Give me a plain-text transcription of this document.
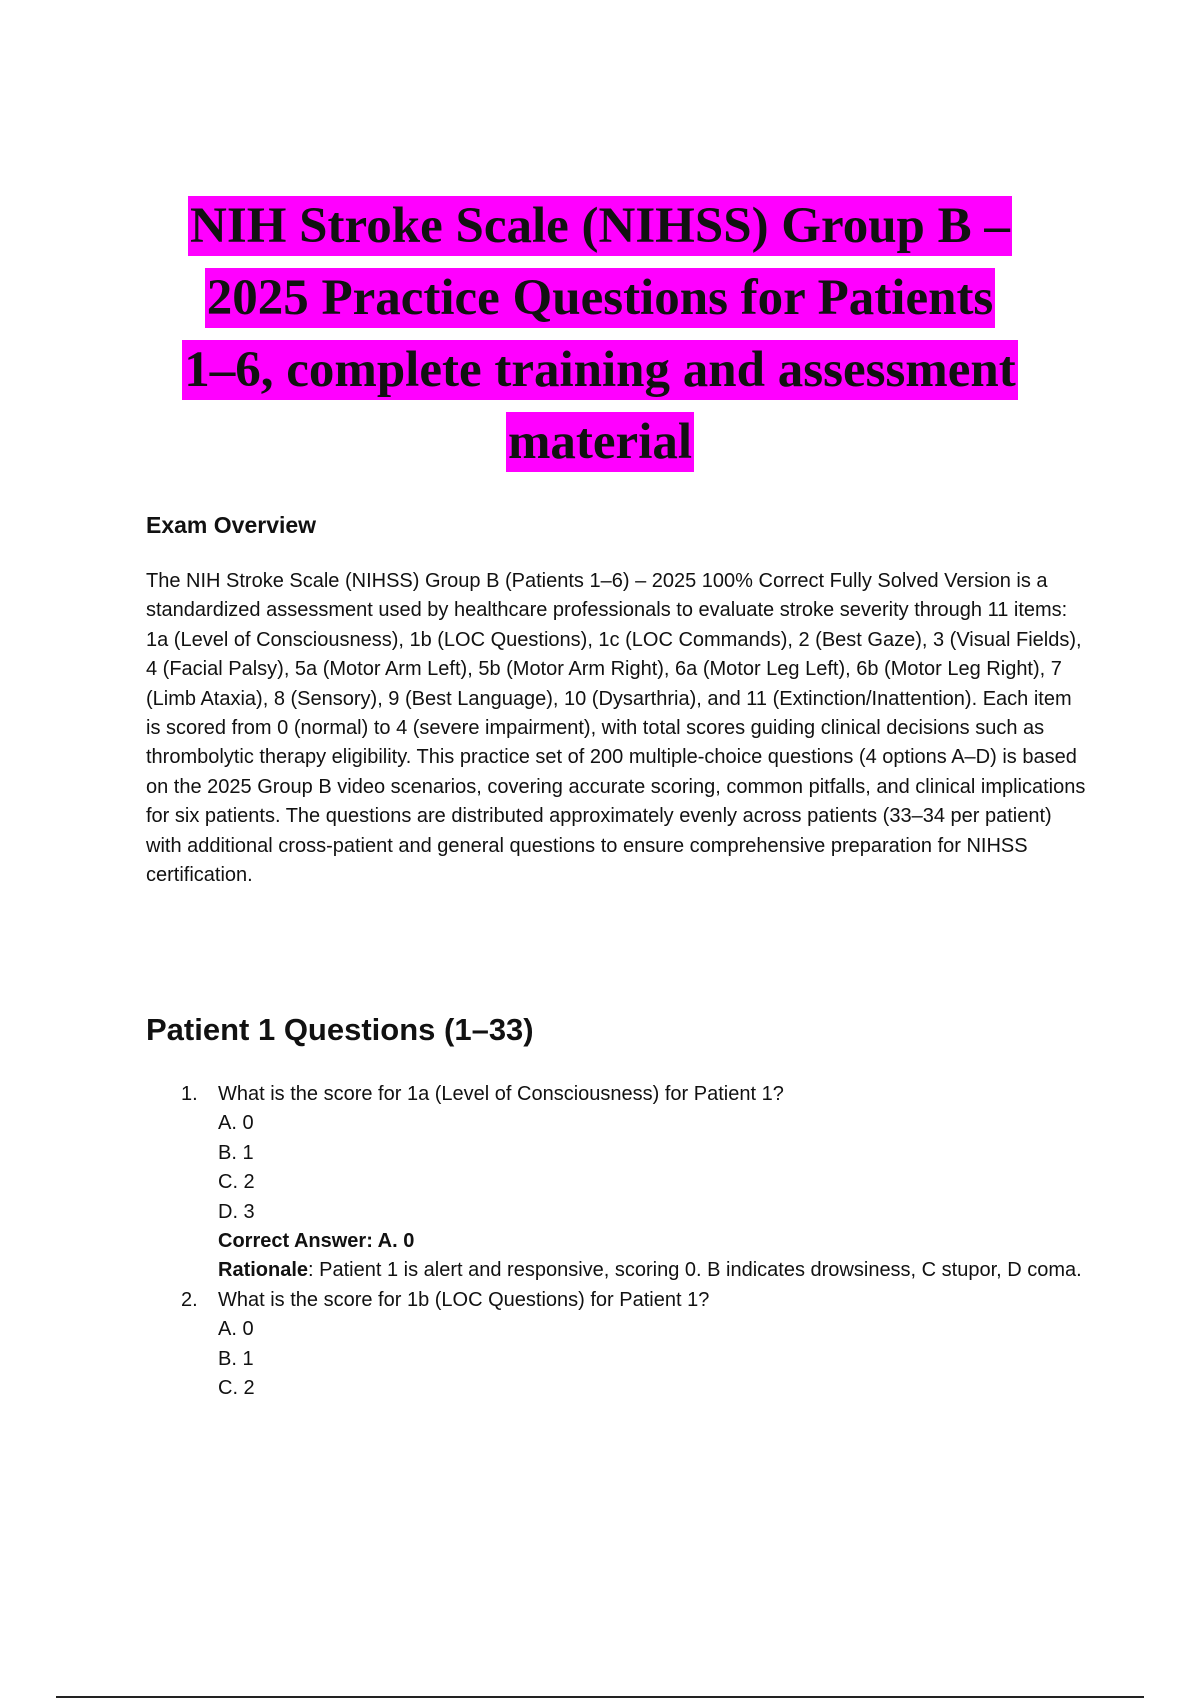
NIH Stroke Scale (NIHSS) Group B –
2025 Practice Questions for Patients
1–6, complete training and assessment
material
Exam Overview

The NIH Stroke Scale (NIHSS) Group B (Patients 1–6) – 2025 100% Correct Fully Solved Version is a standardized assessment used by healthcare professionals to evaluate stroke severity through 11 items: 1a (Level of Consciousness), 1b (LOC Questions), 1c (LOC Commands), 2 (Best Gaze), 3 (Visual Fields), 4 (Facial Palsy), 5a (Motor Arm Left), 5b (Motor Arm Right), 6a (Motor Leg Left), 6b (Motor Leg Right), 7 (Limb Ataxia), 8 (Sensory), 9 (Best Language), 10 (Dysarthria), and 11 (Extinction/Inattention). Each item is scored from 0 (normal) to 4 (severe impairment), with total scores guiding clinical decisions such as thrombolytic therapy eligibility. This practice set of 200 multiple-choice questions (4 options A–D) is based on the 2025 Group B video scenarios, covering accurate scoring, common pitfalls, and clinical implications for six patients. The questions are distributed approximately evenly across patients (33–34 per patient) with additional cross-patient and general questions to ensure comprehensive preparation for NIHSS certification.

Patient 1 Questions (1–33)
1. What is the score for 1a (Level of Consciousness) for Patient 1?
A. 0
B. 1
C. 2
D. 3
Correct Answer: A. 0
Rationale: Patient 1 is alert and responsive, scoring 0. B indicates drowsiness, C stupor, D coma.
2. What is the score for 1b (LOC Questions) for Patient 1?
A. 0
B. 1
C. 2
